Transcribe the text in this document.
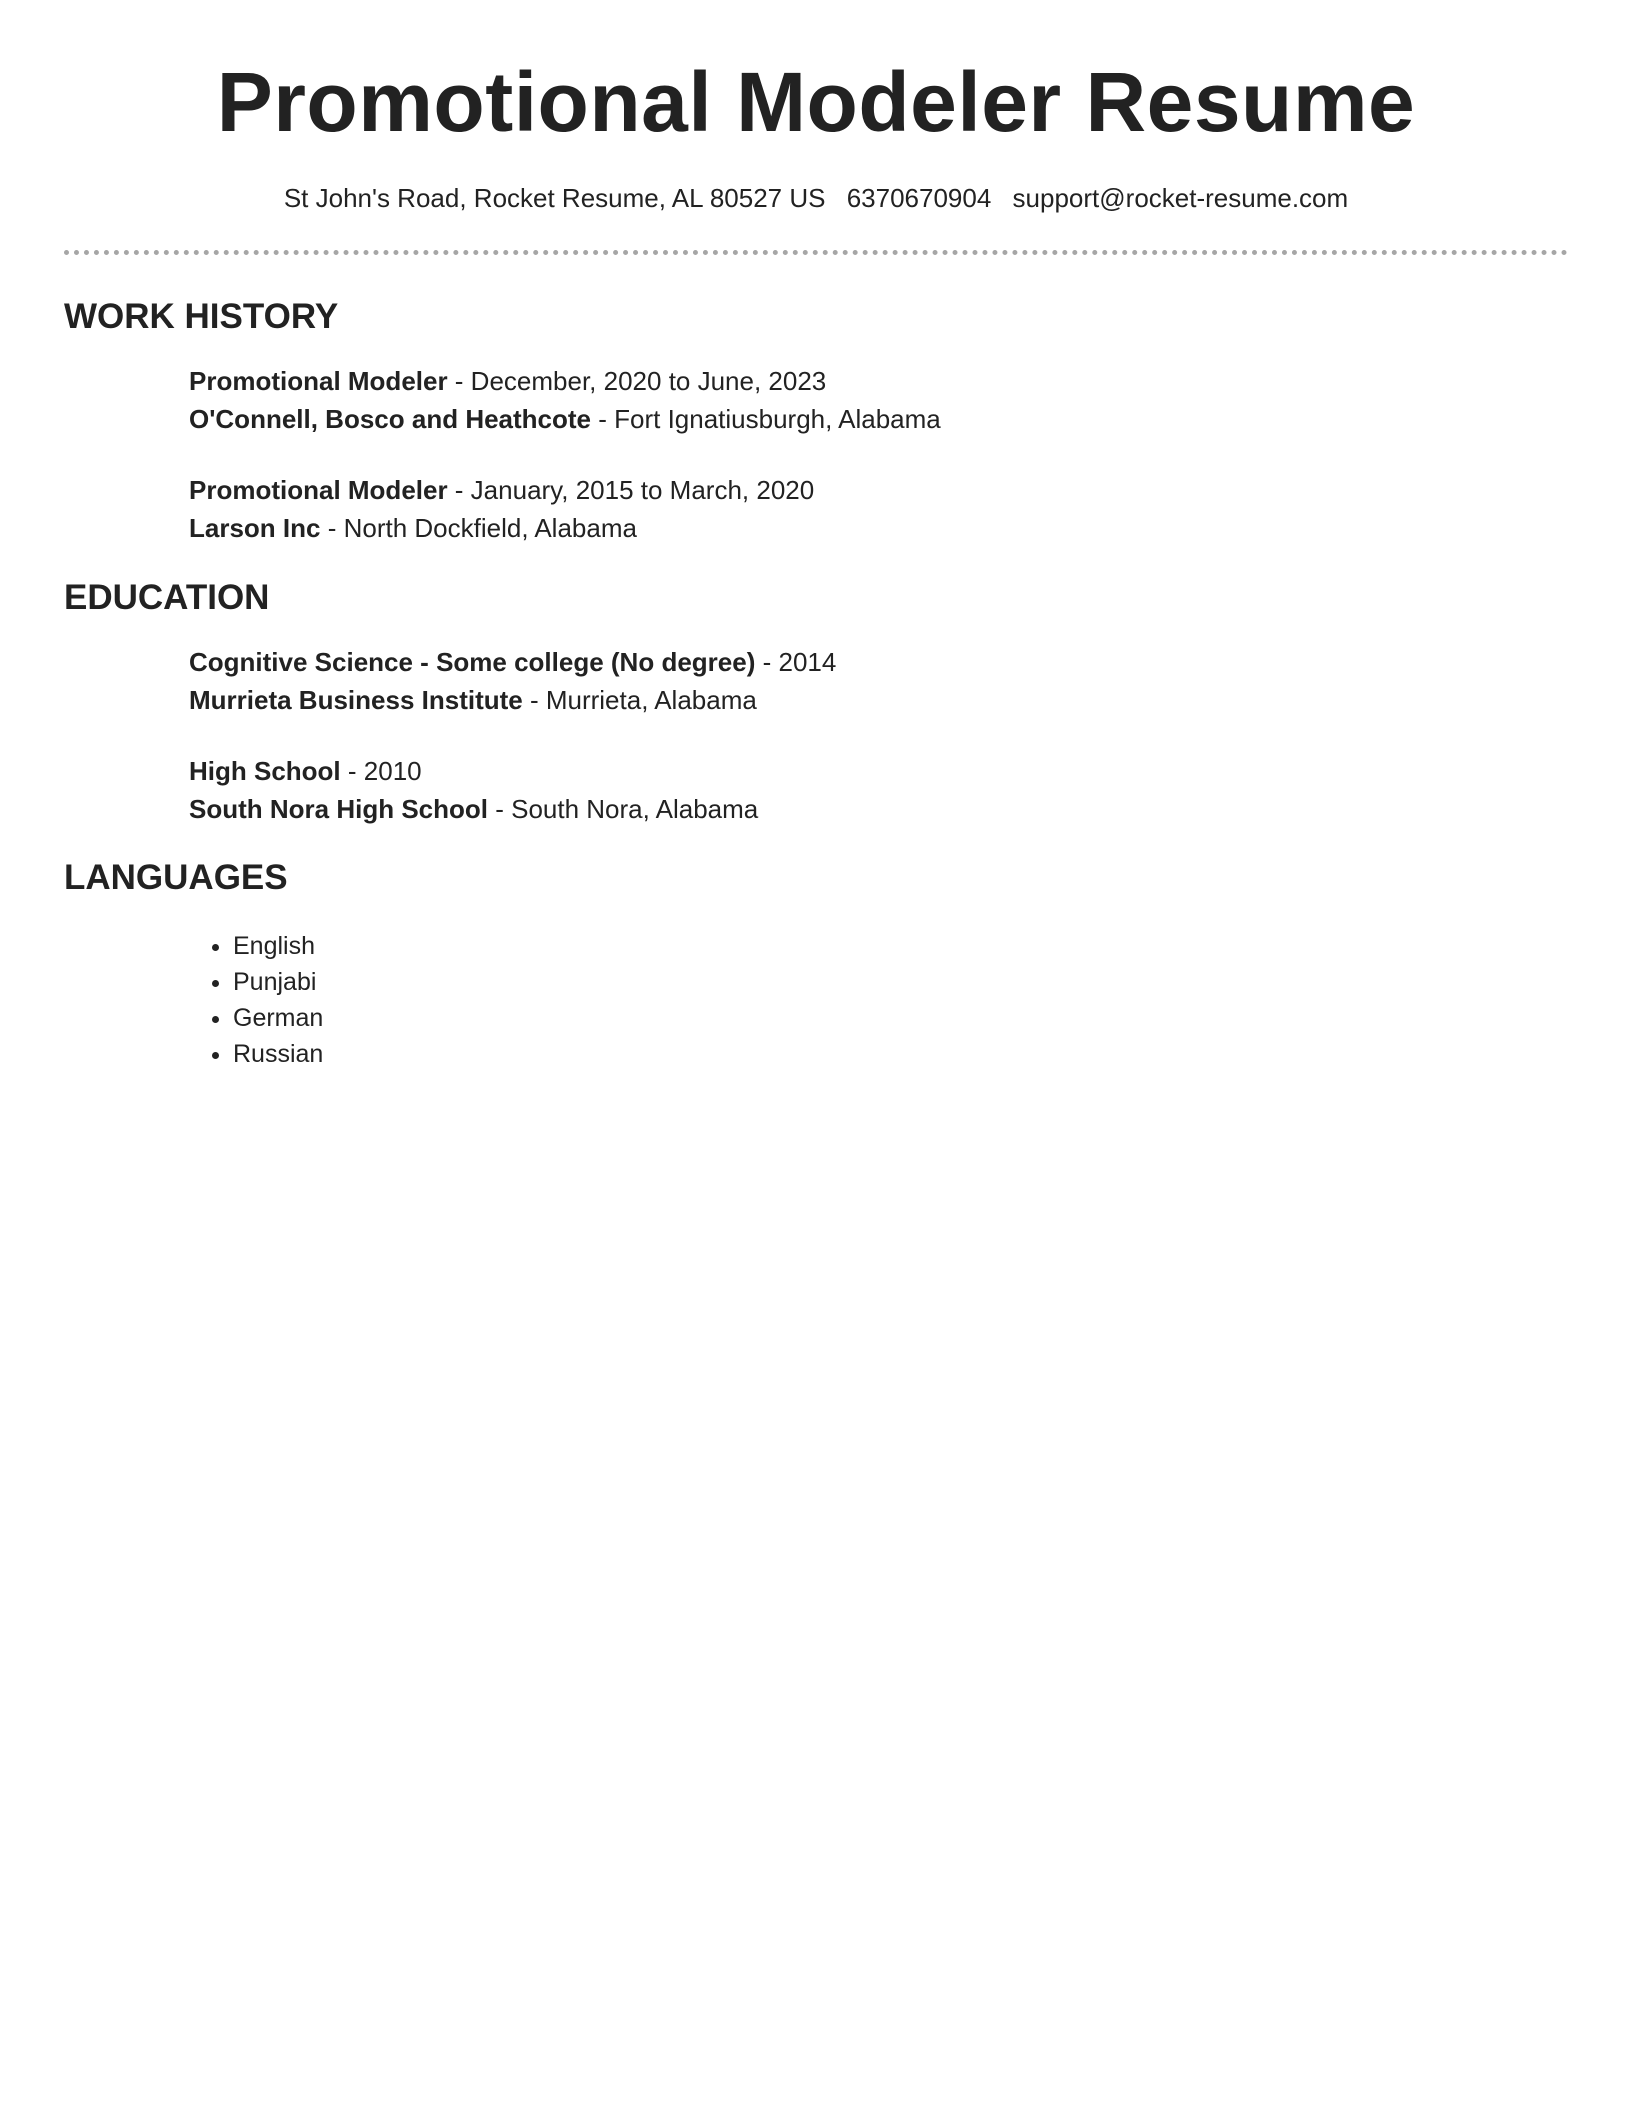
Promotional Modeler Resume
St John's Road, Rocket Resume, AL 80527 US 6370670904 support@rocket-resume.com
WORK HISTORY
Promotional Modeler - December, 2020 to June, 2023
O'Connell, Bosco and Heathcote - Fort Ignatiusburgh, Alabama
Promotional Modeler - January, 2015 to March, 2020
Larson Inc - North Dockfield, Alabama
EDUCATION
Cognitive Science - Some college (No degree) - 2014
Murrieta Business Institute - Murrieta, Alabama
High School - 2010
South Nora High School - South Nora, Alabama
LANGUAGES
• English
• Punjabi
• German
• Russian
